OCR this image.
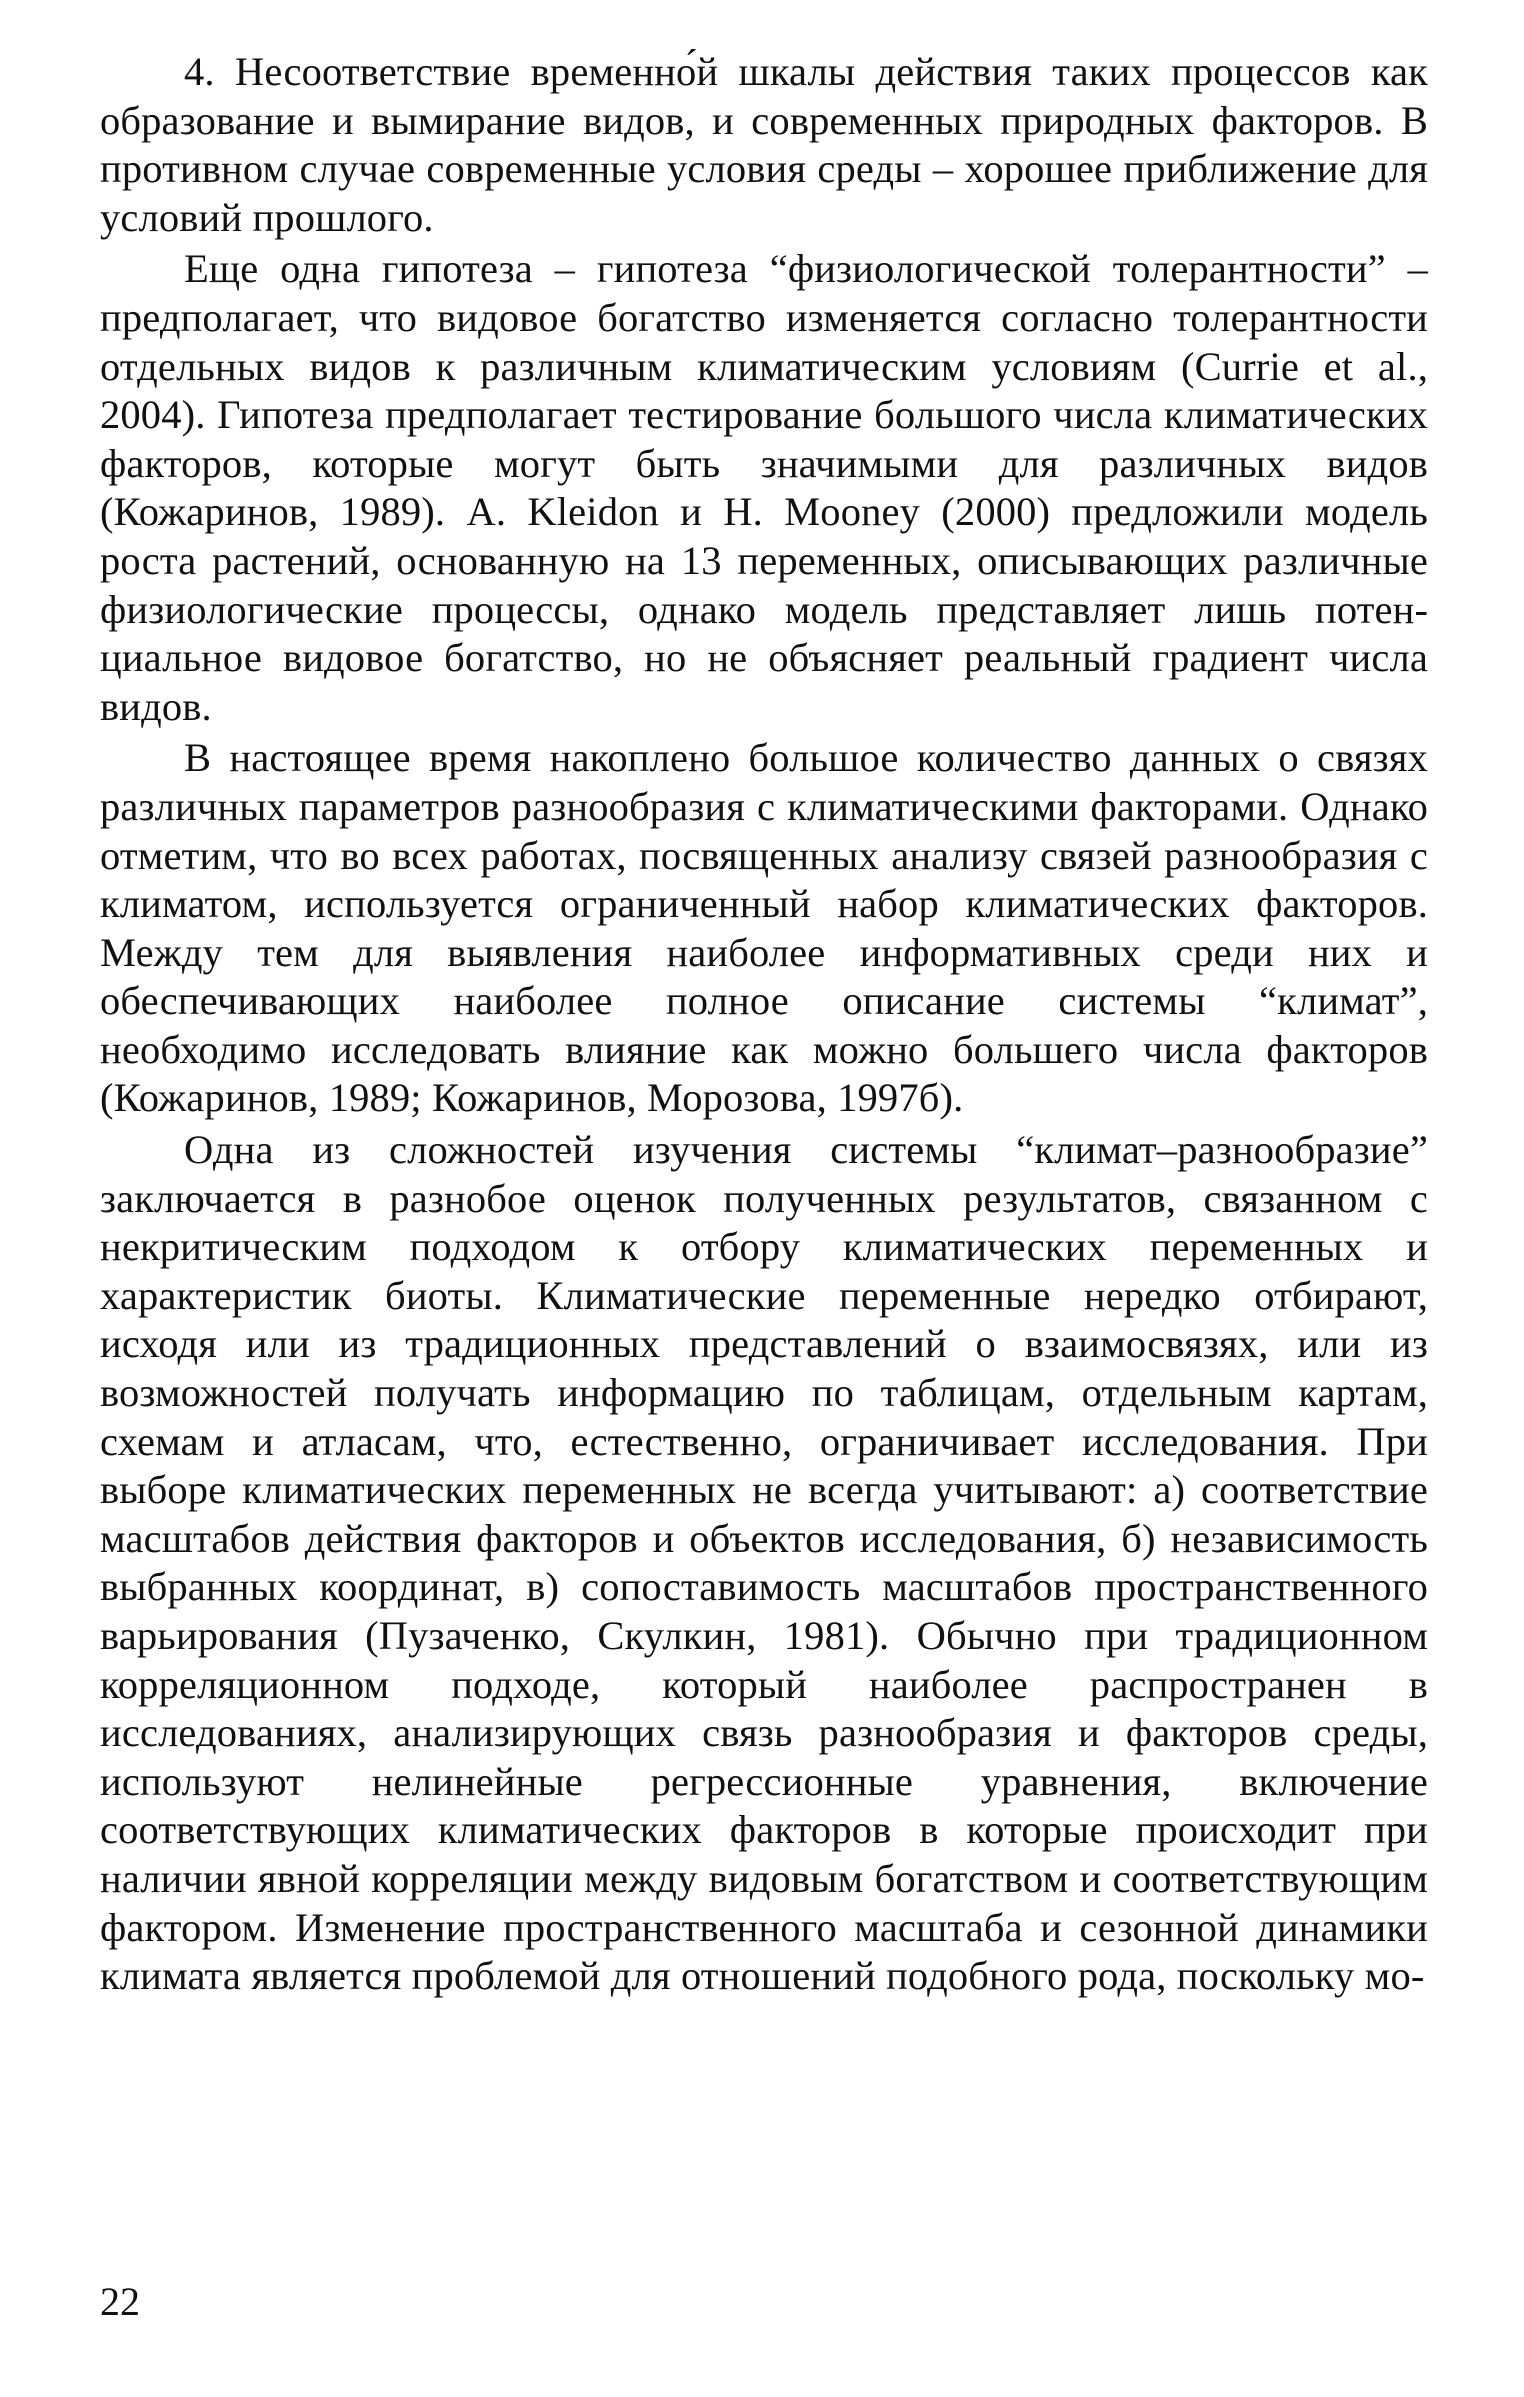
4. Несоответствие временно́й шкалы действия таких процессов как образование и вымирание видов, и современных природных факторов. В противном случае современные условия среды – хорошее приближение для условий прошлого.

Еще одна гипотеза – гипотеза “физиологической толерантности” – предполагает, что видовое богатство изменяется согласно толерантности отдельных видов к различным климатическим условиям (Currie et al., 2004). Гипотеза предполагает тестирование большого числа климатических факторов, которые могут быть значимыми для различных видов (Кожаринов, 1989). A. Kleidon и H. Mooney (2000) предложили модель роста растений, основанную на 13 переменных, описывающих различные физиологические процессы, однако модель представляет лишь потенциальное видовое богатство, но не объясняет реальный градиент числа видов.

В настоящее время накоплено большое количество данных о связях различных параметров разнообразия с климатическими факторами. Однако отметим, что во всех работах, посвященных анализу связей разнообразия с климатом, используется ограниченный набор климатических факторов. Между тем для выявления наиболее информативных среди них и обеспечивающих наиболее полное описание системы “климат”, необходимо исследовать влияние как можно большего числа факторов (Кожаринов, 1989; Кожаринов, Морозова, 1997б).

Одна из сложностей изучения системы “климат–разнообразие” заключается в разнобое оценок полученных результатов, связанном с некритическим подходом к отбору климатических переменных и характеристик биоты. Климатические переменные нередко отбирают, исходя или из традиционных представлений о взаимосвязях, или из возможностей получать информацию по таблицам, отдельным картам, схемам и атласам, что, естественно, ограничивает исследования. При выборе климатических переменных не всегда учитывают: а) соответствие масштабов действия факторов и объектов исследования, б) независимость выбранных координат, в) сопоставимость масштабов пространственного варьирования (Пузаченко, Скулкин, 1981). Обычно при традиционном корреляционном подходе, который наиболее распространен в исследованиях, анализирующих связь разнообразия и факторов среды, используют нелинейные регрессионные уравнения, включение соответствующих климатических факторов в которые происходит при наличии явной корреляции между видовым богатством и соответствующим фактором. Изменение пространственного масштаба и сезонной динамики климата является проблемой для отношений подобного рода, поскольку мо-

22
